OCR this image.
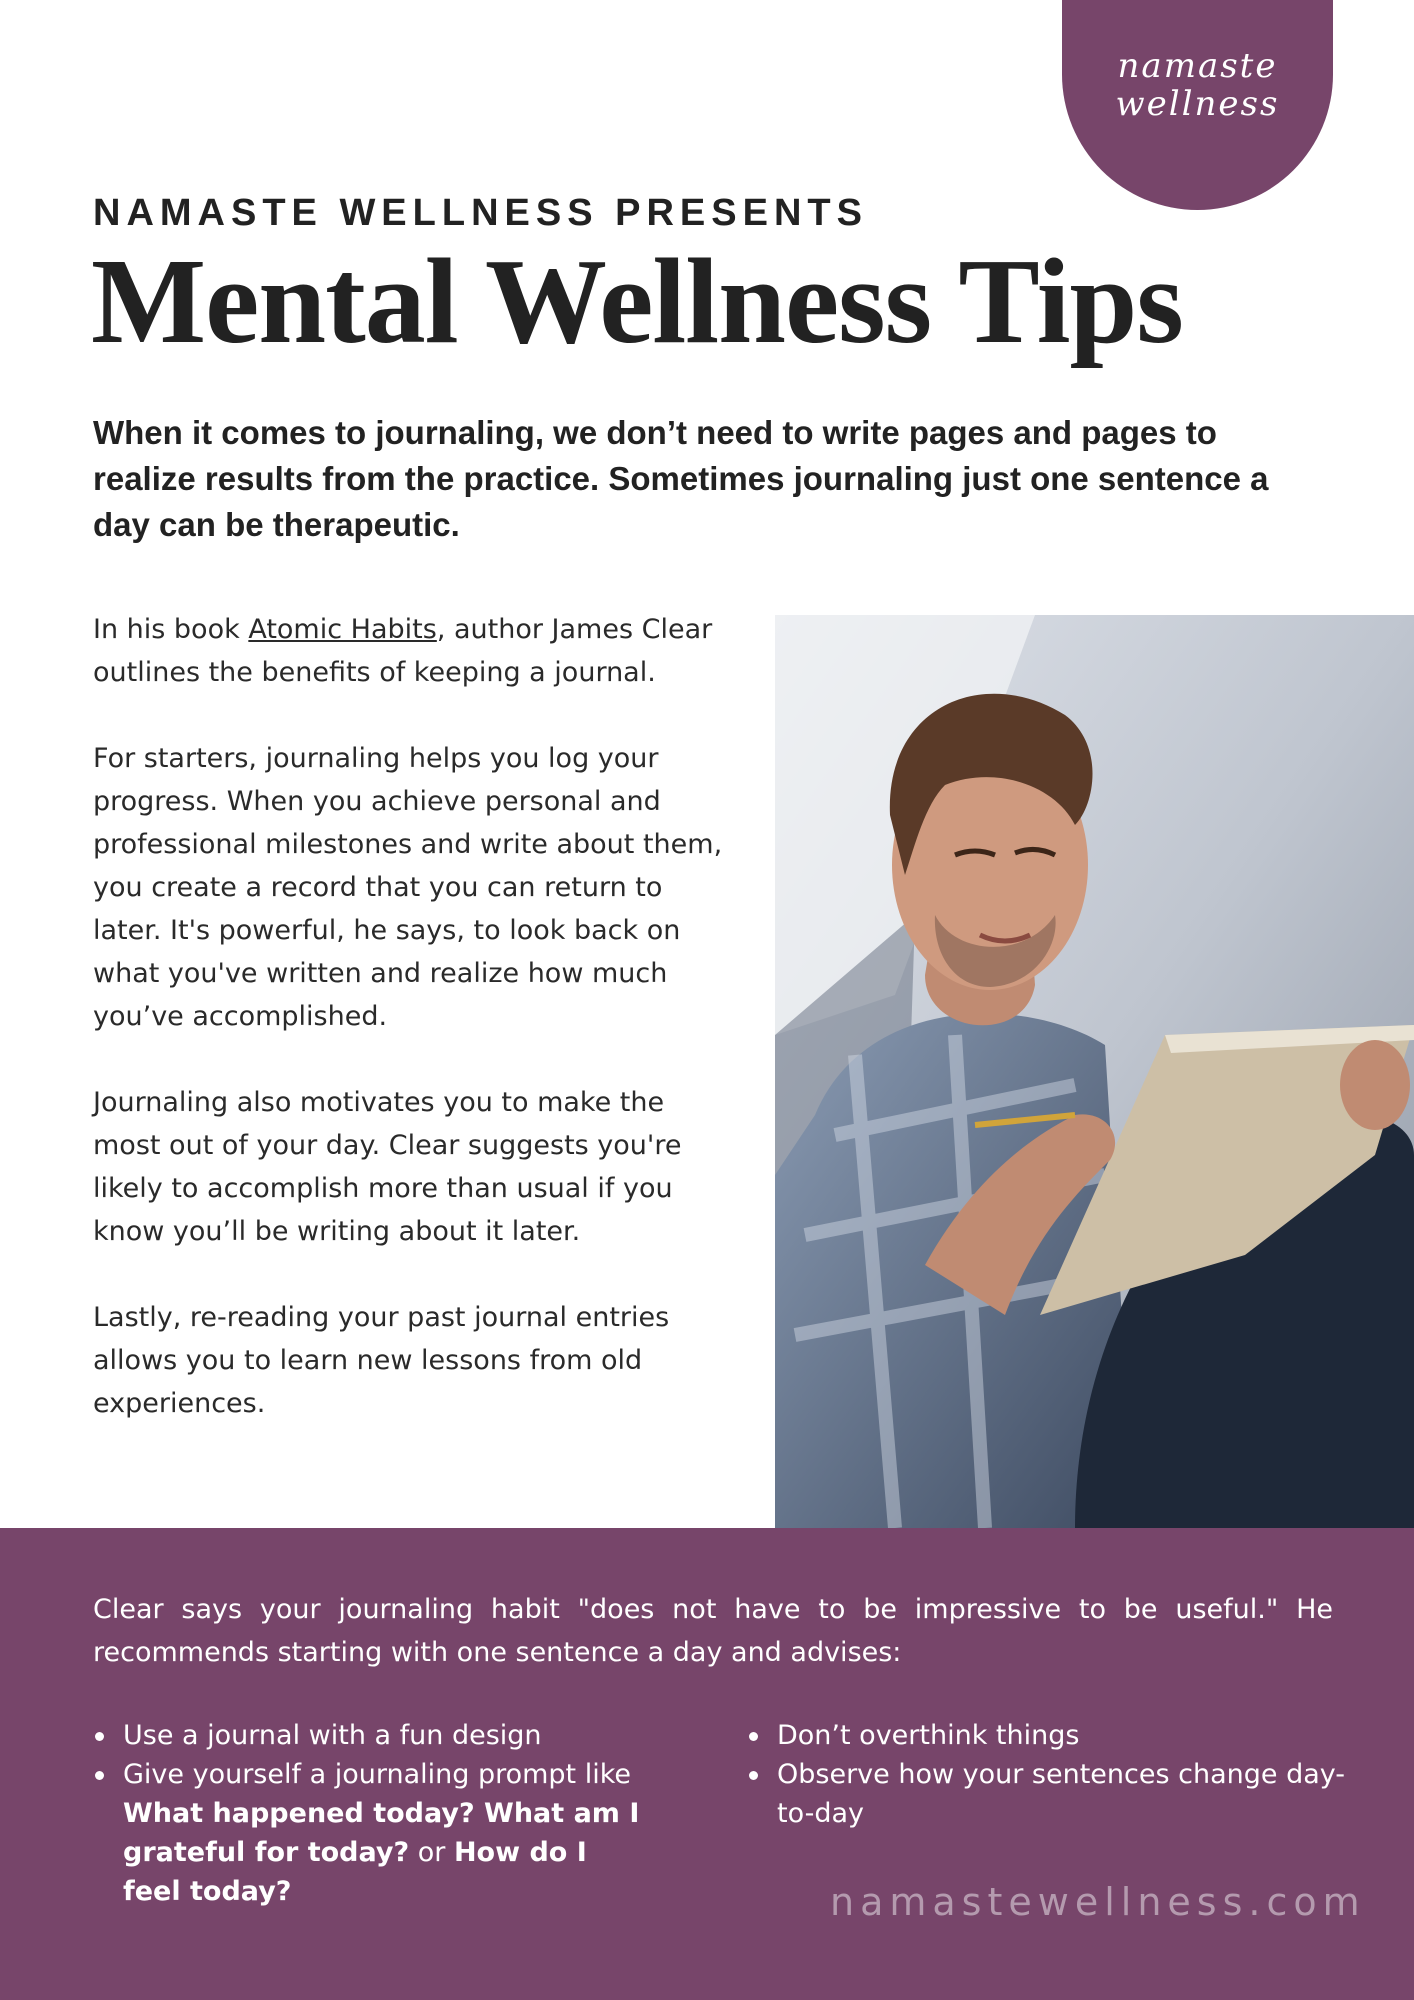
namaste
wellness
NAMASTE WELLNESS PRESENTS
Mental Wellness Tips

When it comes to journaling, we don’t need to write pages and pages to realize results from the practice. Sometimes journaling just one sentence a day can be therapeutic.

In his book Atomic Habits, author James Clear outlines the benefits of keeping a journal.

For starters, journaling helps you log your progress. When you achieve personal and professional milestones and write about them, you create a record that you can return to later. It's powerful, he says, to look back on what you've written and realize how much you’ve accomplished.

Journaling also motivates you to make the most out of your day. Clear suggests you're likely to accomplish more than usual if you know you’ll be writing about it later.

Lastly, re-reading your past journal entries allows you to learn new lessons from old experiences.

Clear says your journaling habit "does not have to be impressive to be useful." He recommends starting with one sentence a day and advises:

Use a journal with a fun design
Give yourself a journaling prompt like What happened today? What am I grateful for today? or How do I feel today?
Don’t overthink things
Observe how your sentences change day-to-day
namastewellness.com
